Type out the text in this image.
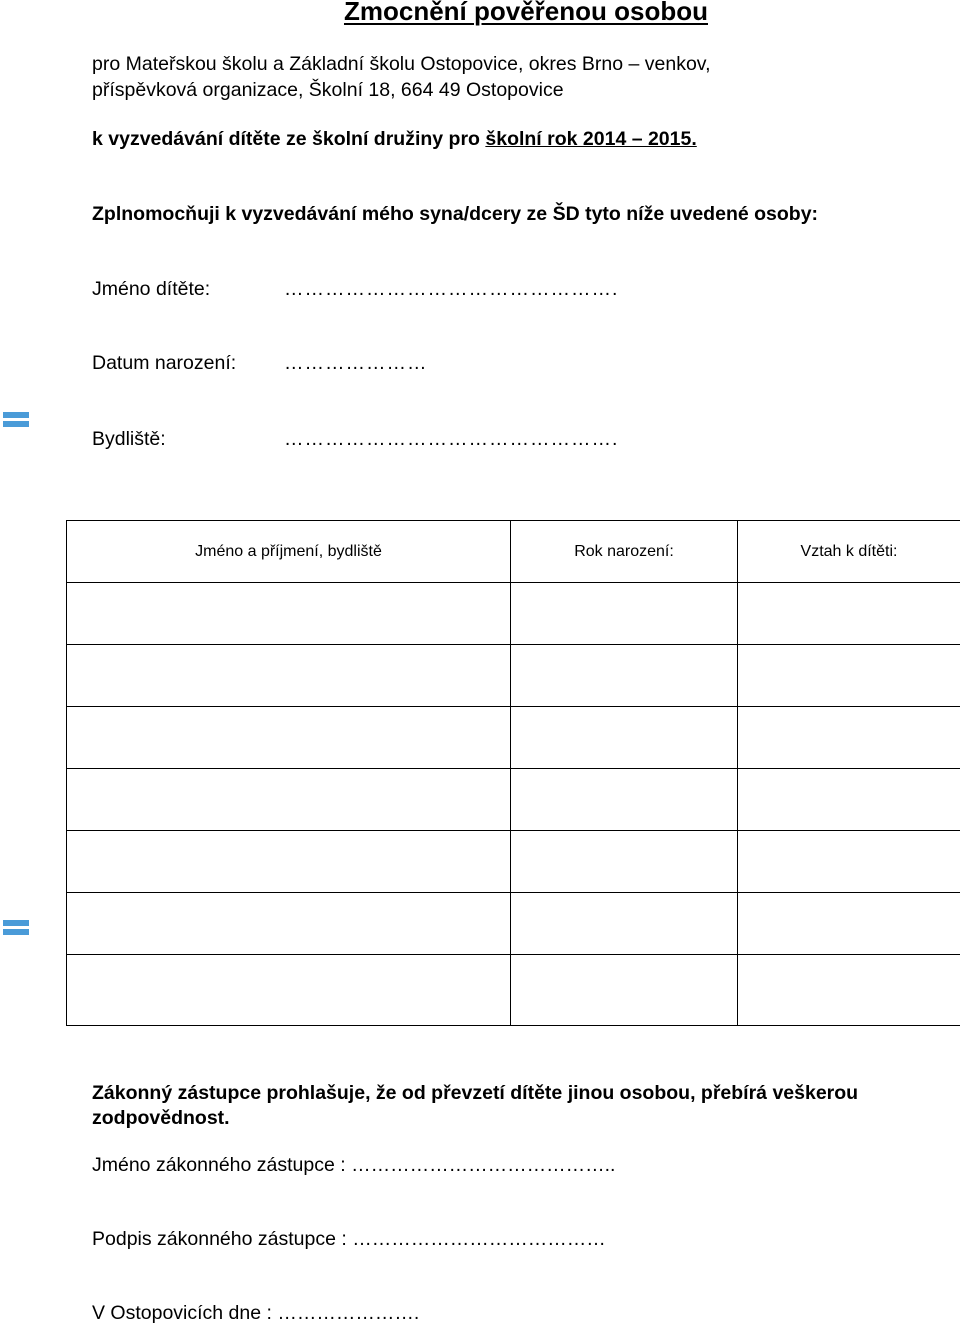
Zmocnění pověřenou osobou
pro Mateřskou školu a Základní školu Ostopovice, okres Brno – venkov,
příspěvková organizace, Školní 18, 664 49 Ostopovice
k vyzvedávání dítěte ze školní družiny pro školní rok 2014 – 2015.
Zplnomocňuji k vyzvedávání mého syna/dcery ze ŠD tyto níže uvedené osoby:
Jméno dítěte:	………………………………………….
Datum narození: …………………
Bydliště:	………………………………………….
Jméno a příjmení, bydliště	Rok narození:	Vztah k dítěti:

Zákonný zástupce prohlašuje, že od převzetí dítěte jinou osobou, přebírá veškerou
zodpovědnost.
Jméno zákonného zástupce : …………………………………..
Podpis zákonného zástupce : …………………………………
V Ostopovicích dne : ………………….
